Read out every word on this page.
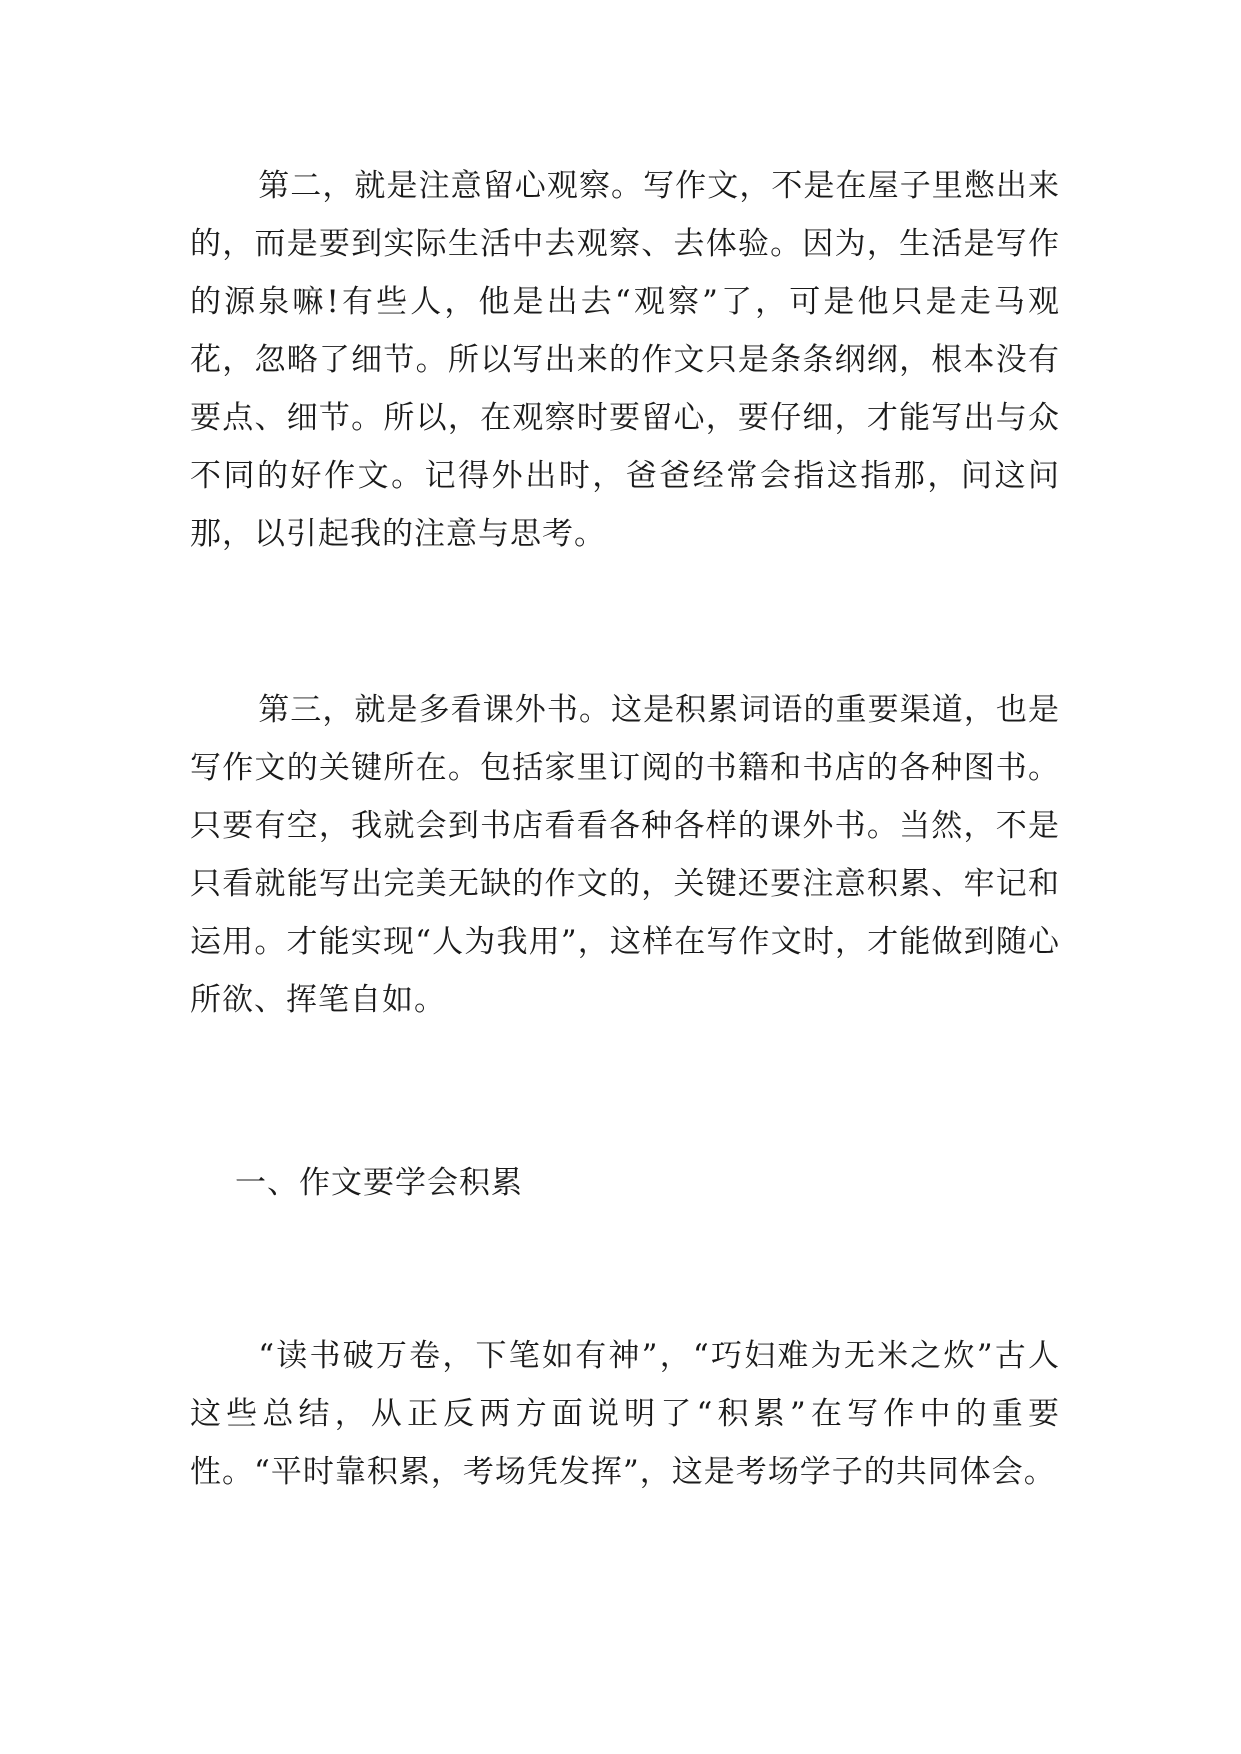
第二，就是注意留心观察。写作文，不是在屋子里憋出来的，而是要到实际生活中去观察、去体验。因为，生活是写作的源泉嘛!有些人，他是出去“观察”了，可是他只是走马观花，忽略了细节。所以写出来的作文只是条条纲纲，根本没有要点、细节。所以，在观察时要留心，要仔细，才能写出与众不同的好作文。记得外出时，爸爸经常会指这指那，问这问那，以引起我的注意与思考。

第三，就是多看课外书。这是积累词语的重要渠道，也是写作文的关键所在。包括家里订阅的书籍和书店的各种图书。只要有空，我就会到书店看看各种各样的课外书。当然，不是只看就能写出完美无缺的作文的，关键还要注意积累、牢记和运用。才能实现“人为我用”，这样在写作文时，才能做到随心所欲、挥笔自如。

一、作文要学会积累

“读书破万卷，下笔如有神”，“巧妇难为无米之炊”古人这些总结，从正反两方面说明了“积累”在写作中的重要性。“平时靠积累，考场凭发挥”，这是考场学子的共同体会。
